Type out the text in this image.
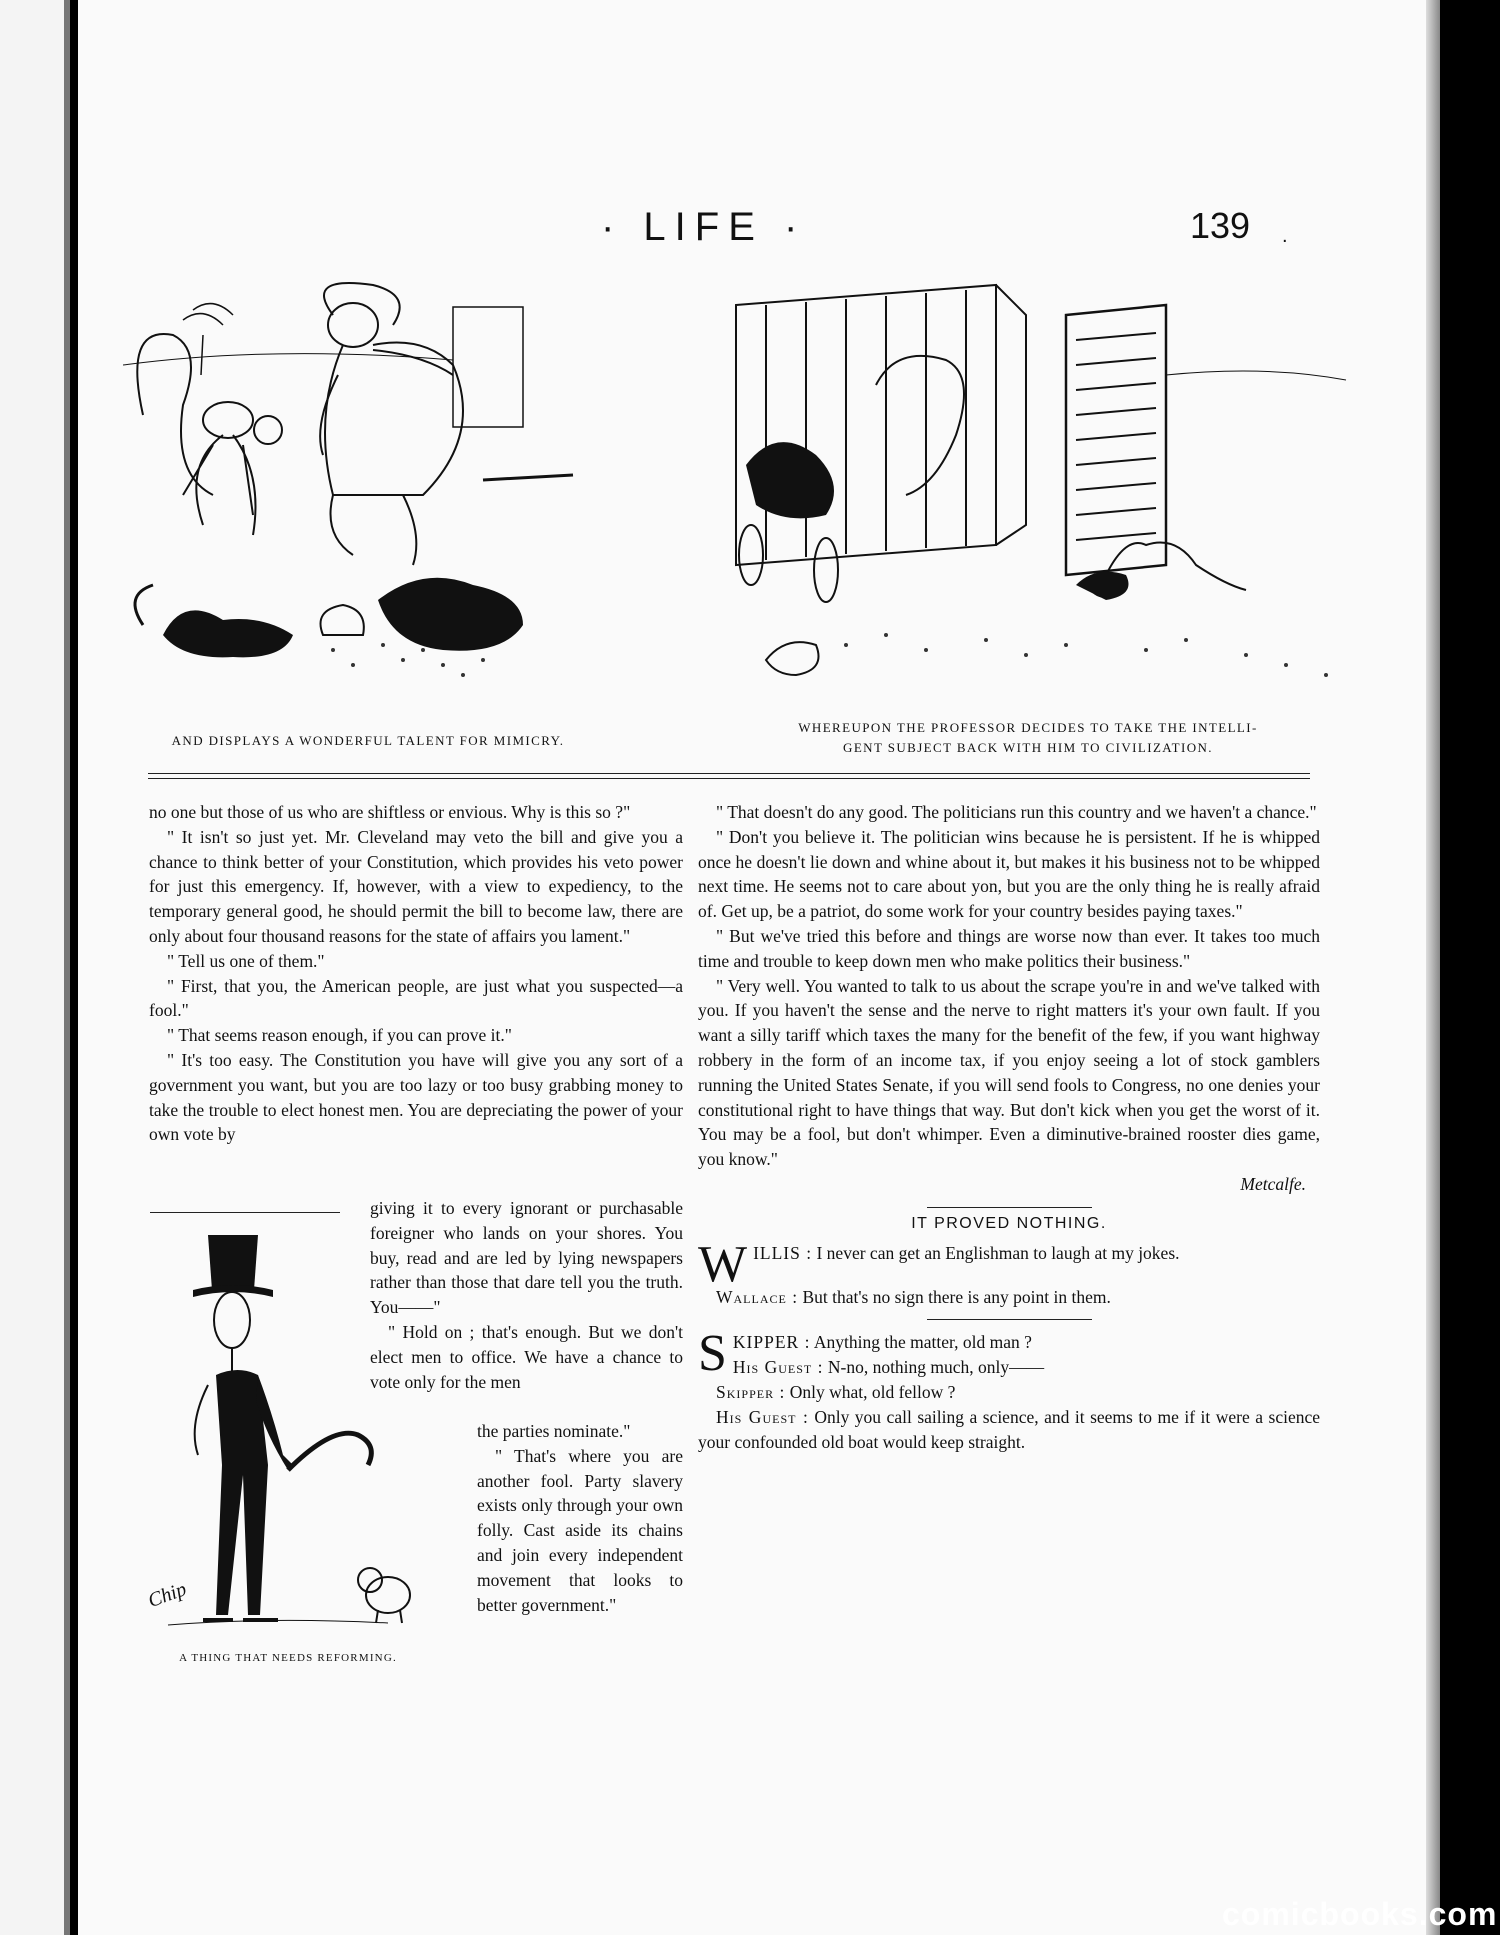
· LIFE ·	139 .
AND DISPLAYS A WONDERFUL TALENT FOR MIMICRY.
WHEREUPON THE PROFESSOR DECIDES TO TAKE THE INTELLI-
GENT SUBJECT BACK WITH HIM TO CIVILIZATION.

no one but those of us who are shiftless or envious. Why is this so ?"

" It isn't so just yet. Mr. Cleveland may veto the bill and give you a chance to think better of your Constitution, which provides his veto power for just this emergency. If, however, with a view to expediency, to the temporary general good, he should permit the bill to become law, there are only about four thousand reasons for the state of affairs you lament."

" Tell us one of them."

" First, that you, the American people, are just what you suspected—a fool."

" That seems reason enough, if you can prove it."

" It's too easy. The Constitution you have will give you any sort of a government you want, but you are too lazy or too busy grabbing money to take the trouble to elect honest men. You are depreciating the power of your own vote by

Chip
A THING THAT NEEDS REFORMING.

giving it to every ignorant or purchasable foreigner who lands on your shores. You buy, read and are led by lying newspapers rather than those that dare tell you the truth. You——"

" Hold on ; that's enough. But we don't elect men to office. We have a chance to vote only for the men

the parties nominate."

" That's where you are another fool. Party slavery exists only through your own folly. Cast aside its chains and join every independent movement that looks to better government."

" That doesn't do any good. The politicians run this country and we haven't a chance."

" Don't you believe it. The politician wins because he is persistent. If he is whipped once he doesn't lie down and whine about it, but makes it his business not to be whipped next time. He seems not to care about yon, but you are the only thing he is really afraid of. Get up, be a patriot, do some work for your country besides paying taxes."

" But we've tried this before and things are worse now than ever. It takes too much time and trouble to keep down men who make politics their business."

" Very well. You wanted to talk to us about the scrape you're in and we've talked with you. If you haven't the sense and the nerve to right matters it's your own fault. If you want a silly tariff which taxes the many for the benefit of the few, if you want highway robbery in the form of an income tax, if you enjoy seeing a lot of stock gamblers running the United States Senate, if you will send fools to Congress, no one denies your constitutional right to have things that way. But don't kick when you get the worst of it. You may be a fool, but don't whimper. Even a diminutive-brained rooster dies game, you know."

Metcalfe.
IT PROVED NOTHING.
W ILLIS : I never can get an Englishman to laugh at my jokes.

Wallace : But that's no sign there is any point in them.

S KIPPER : Anything the matter, old man ?
His Guest : N-no, nothing much, only——

Skipper : Only what, old fellow ?

His Guest : Only you call sailing a science, and it seems to me if it were a science your confounded old boat would keep straight.

comicbooks.com
